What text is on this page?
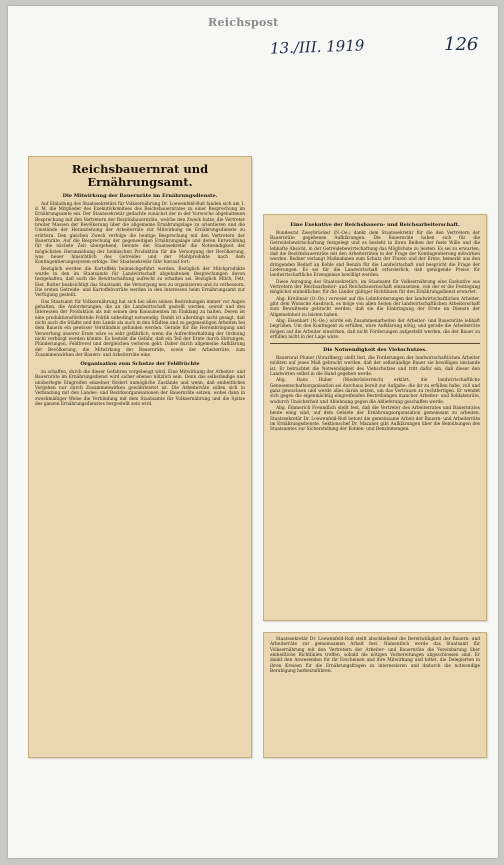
Reichspost
13./III. 1919	126
Reichsbauernrat und Ernährungsamt.
Die Mitwirkung der Bauernräte im Ernährungsdienste.

Auf Einladung des Staatssekretärs für Volksernährung Dr. Loewenfeld-Ruß fanden sich am 1. d. M. die Mitglieder des Exekutivkomitees des Reichsbauernrates zu einer Besprechung im Ernährungsamte ein. Der Staatssekretär gedachte zunächst der in der Vorwoche abgehaltenen Besprechung mit den Vertretern der Bezirksbauernräte, welche den Zweck hatte, die Vertreter breiter Massen der Bevölkerung über die allgemeine Ernährungslage zu orientieren und die Umstände der Heranziehung der Arbeiterräte zur Mitwirkung im Ernährungsdienste zu erörtern. Den gleichen Zweck verfolge die heutige Besprechung mit den Vertretern der Bauernräte. Auf die Besprechung der gegenseitigen Ernährungslage und deren Entwicklung für die nächste Zeit übergehend, betonte der Staatssekretär die Notwendigkeit der möglichsten Heranziehung der heimischen Produktion für die Versorgung der Bevölkerung, was heuer hinsichtlich des Getreides und der Mahlprodukte nach dem Kontingentierungssystem erfolge. Der Staatssekretär führ hierauf fort:

Bezüglich werden die Kartoffeln heimischgeführt werden. Bezüglich der Milchprodukte wurde in den im Staatsamte für Landwirtschaft abgehaltenen Besprechungen davon festgehalten, daß auch die Bewirtschaftung aufrecht zu erhalten sei. Bezüglich Milch, Fett, Eier, Butter beabsichtigt das Staatsamt, die Versorgung neu zu organisieren und zu verbessern. Die ersten Getreide- und Kartoffelvorräte werden in den Interessen beim Ernährungsamt zur Verfügung gestellt.

Das Staatsamt für Volksernährung hat sich bei allen seinen Bestrebungen immer vor Augen gehalten, die Anforderungen, die an die Landwirtschaft gestellt werden, soweit und den Interessen der Produktion als mit seinen den Konsumenten im Einklang zu halten. Deren ist eine produktionsfördernde Politik unbedingt notwendig. Damit ist allerdings nicht gesagt, daß nicht auch die Städte und den Lande als auch in den Städten und zu gegenseitigen Arbeiten bei dem Bauern ein gewisser Verständnis gefunden werden. Gerade für die Hereinbringung und Verwertung unserer Ernte wäre es sehr gefährlich, wenn die Aufrechterhaltung der Ordnung nicht verbürgt werden könnte. Es besteht die Gefahr, daß ein Teil der Ernte durch Störungen, Plünderungen, Feldfrevel und dergleichen verloren geht. Daher durch allgemeine Aufklärung der Bevölkerung, die Mitwirkung der Bauernräte, sowie der Arbeiterräte, zum Zusammenwirken der Bauern- und Arbeiterräte eine

Organisation zum Schutze der Feldfrüchte

zu schaffen, durch die dieser Gefahren vorgebeugt wird. Eine Mitwirkung der Arbeiter- und Bauernräte im Ernährungsdienst wird sicher ebenso nützlich sein. Denn das selbständige und unüberlegte Eingreifen einzelner fördert unmögliche Zustände und wenn, daß einheitliches Vorgehen nur durch Zusammenwirken gewährleistet ist. Die Arbeiterräte sollen sich in Verbindung mit den Landes- und Bezirksorganisationen der Bauernräte setzen, wobei dann in zweckmäßiger Weise die Verbindung mit dem Staatsamte für Volksernährung und die Spitze des ganzen Ernährungsdienstes hergestellt sein wird.

Eine Exekutive der Reichsbauern- und Reichsarbeiterschaft.

Bundesrat Zweybrücker (N.-Oe.) dankt dem Staatssekretär für die den Vertretern der Bauernräte gegebenen Aufklärungen. Die Bauernräte haben sich für die Getreidebewirtschaftung festgelegt und es besteht in ihren Reihen der feste Wille und die lebhafte Absicht, in der Getreidebewirtschaftung das Möglichste zu leisten. Es sei zu erwarten, daß die Bezirksbauernräte mit den Arbeiterräten in der Frage der Kontingentierung mitwirken werden. Redner verlangt Maßnahmen zum Schutz der Fluren und der Ernte, bemerkt aus den dringenden Bedarf an Kohle und Benzin für die Landwirtschaft und bespricht die Frage der Lieferungen. Es sei für die Landwirtschaft erforderlich, daß genügende Preise für landwirtschaftliche Erzeugnisse bewilligt werden.

Diese Anregung des Staatssekretärs, im Staatsamt für Volksernährung eine Exekutive aus Vertretern der Reichsarbeiter- und Reichsbauernschaft einzusetzen, von der er die Festlegung möglichst einheitlicher, für die Länder gültiger Richtlinien für den Ernährungsdienst erwartet.

Abg. Kreilmair (O.-Oe.) verweist auf die Lohnforderungen der landwirtschaftlichen Arbeiter, gibt dem Wunsche Ausdruck, es möge von allen Seiten der landwirtschaftlichen Arbeiterschaft zum Bewußtsein gebracht werden, daß sie die Einbringung der Ernte im Dienste der Allgemeinheit zu leisten haben.

Abg. Eisenbart (N.-Oe.) würde ein Zusammenarbeiten der Arbeiter- und Bauernräte lebhaft begrüßen. Um den Kontingent zu erfüllen, wäre Aufklärung nötig, und gerade die Arbeiterräte mögen auf die Arbeiter einwirken, daß nicht Forderungen aufgestellt werden, die der Bauer zu erfüllen nicht in der Lage wäre.

Die Notwendigkeit des Viehschutzes.

Bauernrat Pluner (Vorarlberg) stellt fest, die Forderungen der landwirtschaftlichen Arbeiter müßten auf jenes Maß gebracht werden, daß der selbständige Bauer sie bewilligen imstande ist. Er betrachtet die Notwendigkeit des Viehschutzes und tritt dafür ein, daß dieser den Landwirten selbst in die Hand gegeben werde.

Abg. Hans Huber (Niederösterreich) erklärt, die landwirtschaftliche Genossenschaftsorganisation sei durchaus bereit zur Aufgabe, die ihr zu erfüllen habe, voll und ganz gewachsen und werde alles daran setzen, um das Vertrauen zu rechtfertigen. Er wendet sich gegen die eigenmächtig eingreifenden Bestrebungen mancher Arbeiter- und Soldatenräte, wodurch Unsicherheit und Ablehnung gegen die Ablieferung geschaffen werde.

Abg. Emmerich Freundlich stellt fest, daß die Vertreter des Arbeiterrates und Bauernrates heute einig sind, auf dem Gebiete der Ernährungsorganisation gemeinsam zu arbeiten. Staatssekretär Dr. Loewenfeld-Ruß betont die gemeinsame Arbeit der Bauern- und Arbeiterräte im Ernährungsdienste. Sektionschef Dr. Mazaner gibt Aufklärungen über die Bemühungen des Staatsamtes zur Sicherstellung der Kohlen- und Benzinmengen.

Staatssekretär Dr. Loewenfeld-Ruß stellt abschließend die Bereitwilligkeit der Bauern- und Arbeiterräte zur gemeinsamen Arbeit fest. Namentlich werde das Staatsamt für Volksernährung mit den Vertretern der Arbeiter- und Bauernräte die Vereinbarung über einheitliche Richtlinien treffen, sobald die nötigen Vorbereitungen abgeschlossen sind. Er dankt den Anwesenden für ihr Erscheinen und ihre Mitwirkung und bittet, die Delegierten in ihren Kreisen für die Ernährungsfragen zu interessieren und dadurch die notwendige Beruhigung herbeizuführen.
